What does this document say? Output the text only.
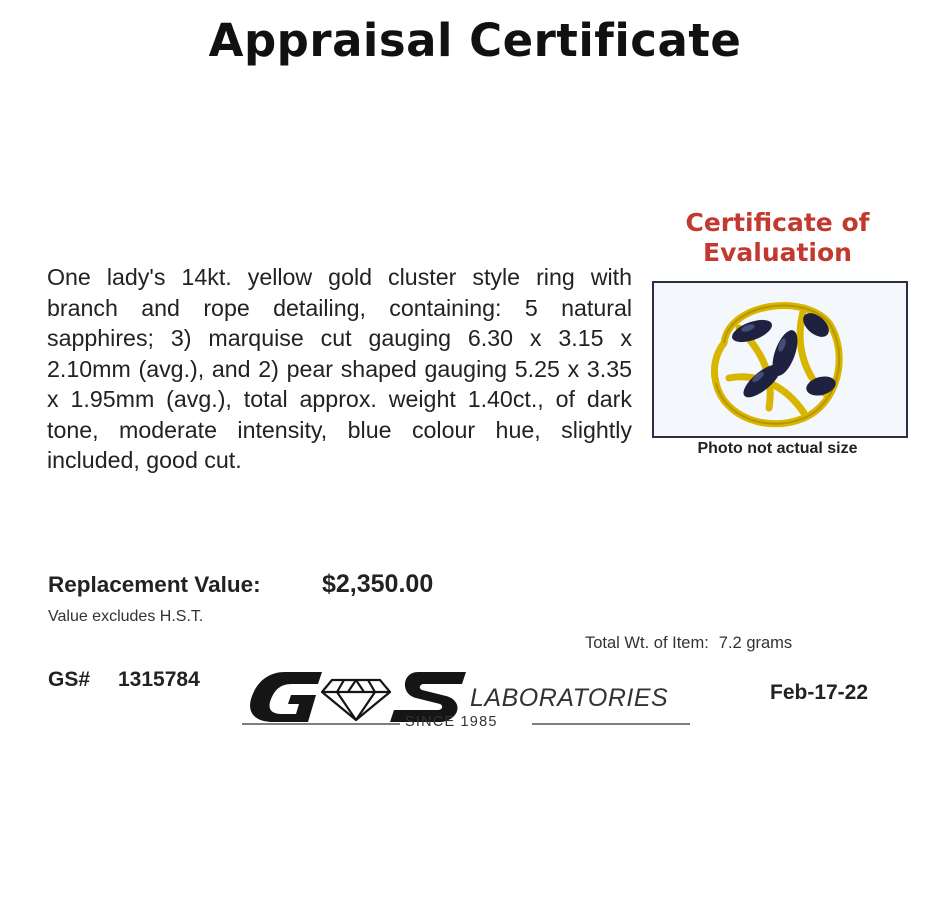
Appraisal Certificate
One lady's 14kt. yellow gold cluster style ring with branch and rope detailing, containing: 5 natural sapphires; 3) marquise cut gauging 6.30 x 3.15 x 2.10mm (avg.), and 2) pear shaped gauging 5.25 x 3.35 x 1.95mm (avg.), total approx. weight 1.40ct., of dark tone, moderate intensity, blue colour hue, slightly included, good cut.
Certificate of
Evaluation
Photo not actual size
Replacement Value: $2,350.00
Value excludes H.S.T.
Total Wt. of Item: 7.2 grams
GS# 1315784
LABORATORIES
SINCE 1985
Feb-17-22
